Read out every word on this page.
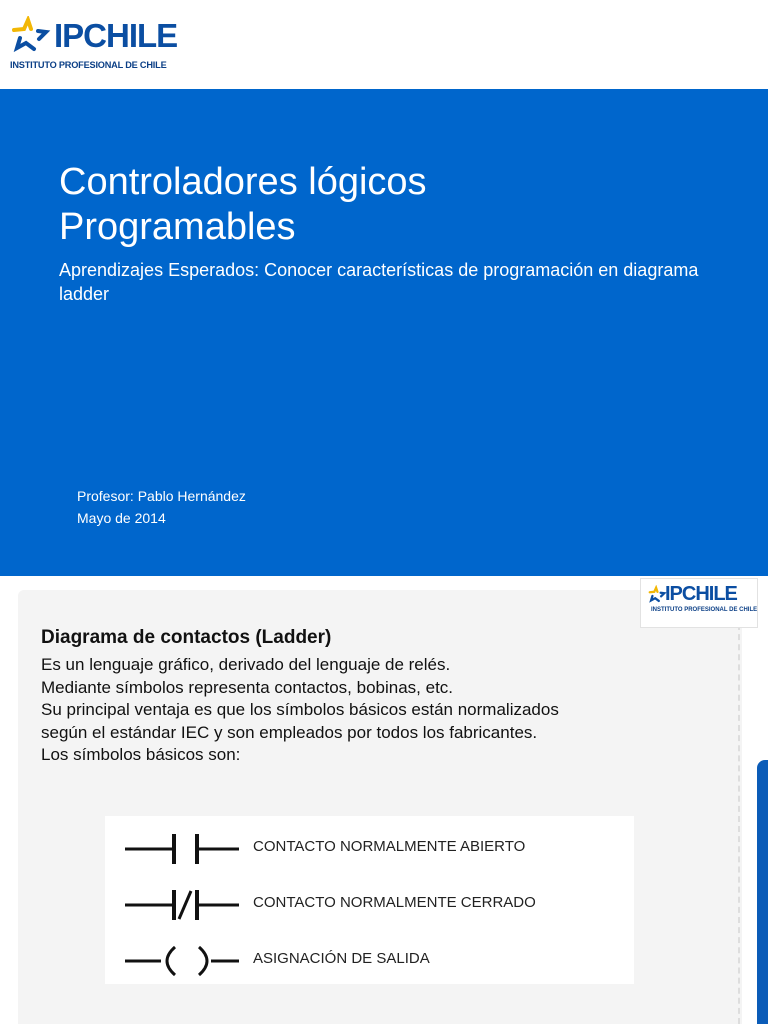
IPCHILE
INSTITUTO PROFESIONAL DE CHILE
Controladores lógicos
Programables
Aprendizajes Esperados: Conocer características de programación en diagrama ladder
Profesor: Pablo Hernández
Mayo de 2014
IPCHILE
INSTITUTO PROFESIONAL DE CHILE
Diagrama de contactos (Ladder)
Es un lenguaje gráfico, derivado del lenguaje de relés.
Mediante símbolos representa contactos, bobinas, etc.
Su principal ventaja es que los símbolos básicos están normalizados
según el estándar IEC y son empleados por todos los fabricantes.
Los símbolos básicos son:
CONTACTO NORMALMENTE ABIERTO
CONTACTO NORMALMENTE CERRADO
ASIGNACIÓN DE SALIDA
